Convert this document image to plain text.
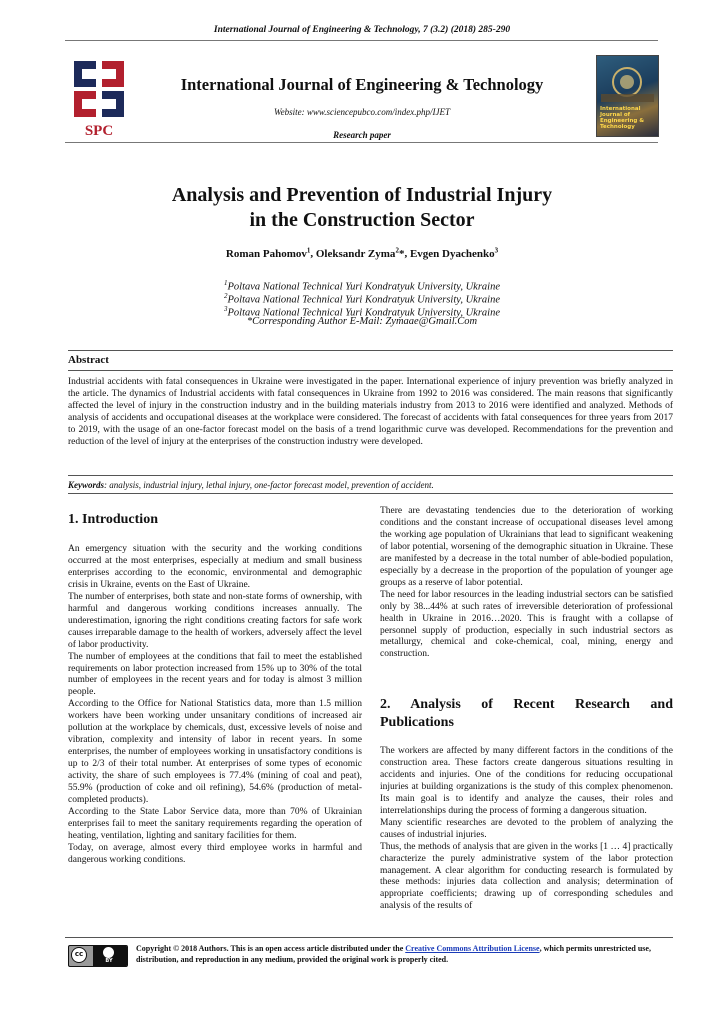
International Journal of Engineering & Technology, 7 (3.2) (2018) 285-290
SPC
International Journal of Engineering & Technology
Website: www.sciencepubco.com/index.php/IJET	International Journal of Engineering & Technology
Research paper
Analysis and Prevention of Industrial Injury
in the Construction Sector
Roman Pahomov$^1$, Oleksandr Zyma$^2$*, Evgen Dyachenko$^3$
$^1$Poltava National Technical Yuri Kondratyuk University, Ukraine
$^2$Poltava National Technical Yuri Kondratyuk University, Ukraine
$^3$Poltava National Technical Yuri Kondratyuk University, Ukraine
*Corresponding Author E-Mail: Zymaae@Gmail.Com
Abstract
Industrial accidents with fatal consequences in Ukraine were investigated in the paper. International experience of injury prevention was briefly analyzed in the article. The dynamics of Industrial accidents with fatal consequences in Ukraine from 1992 to 2016 was considered. The main reasons that significantly affected the level of injury in the construction industry and in the building materials industry from 2013 to 2016 were identified and analyzed. Methods of analysis of accidents and occupational diseases at the workplace were considered. The forecast of accidents with fatal consequences for three years from 2017 to 2019, with the usage of an one-factor forecast model on the basis of a trend logarithmic curve was developed. Recommendations for the prevention and reduction of the level of injury at the enterprises of the construction industry were developed.
Keywords: analysis, industrial injury, lethal injury, one-factor forecast model, prevention of accident.
1. Introduction

An emergency situation with the security and the working conditions occurred at the most enterprises, especially at medium and small business enterprises according to the economic, environmental and demographic crisis in Ukraine, events on the East of Ukraine.

The number of enterprises, both state and non-state forms of ownership, with harmful and dangerous working conditions increases annually. The underestimation, ignoring the right conditions creating factors for safe work causes irreparable damage to the health of workers, adversely affect the level of labor productivity.

The number of employees at the conditions that fail to meet the established requirements on labor protection increased from 15% up to 30% of the total number of employees in the recent years and for today is almost 3 million people.

According to the Office for National Statistics data, more than 1.5 million workers have been working under unsanitary conditions of increased air pollution at the workplace by chemicals, dust, excessive levels of noise and vibration, complexity and intensity of labor in recent years. In some enterprises, the number of employees working in unsatisfactory conditions is up to 2/3 of their total number. At enterprises of some types of economic activity, the share of such employees is 77.4% (mining of coal and peat), 55.9% (production of coke and oil refining), 54.6% (production of metal-completed products).

According to the State Labor Service data, more than 70% of Ukrainian enterprises fail to meet the sanitary requirements regarding the operation of heating, ventilation, lighting and sanitary facilities for them.

Today, on average, almost every third employee works in harmful and dangerous working conditions.

There are devastating tendencies due to the deterioration of working conditions and the constant increase of occupational diseases level among the working age population of Ukrainians that lead to significant weakening of labor potential, worsening of the demographic situation in Ukraine. These are manifested by a decrease in the total number of able-bodied population, especially by a decrease in the proportion of the population of younger age groups as a reserve of labor potential.

The need for labor resources in the leading industrial sectors can be satisfied only by 38...44% at such rates of irreversible deterioration of professional health in Ukraine in 2016…2020. This is fraught with a collapse of personnel supply of production, especially in such industrial sectors as metallurgy, chemical and coke-chemical, coal, mining, energy and construction.

2. Analysis of Recent Research and
Publications

The workers are affected by many different factors in the conditions of the construction area. These factors create dangerous situations resulting in accidents and injuries. One of the conditions for reducing occupational injuries at building organizations is the study of this complex phenomenon. Its main goal is to identify and analyze the causes, their roles and interrelationships during the process of forming a dangerous situation.

Many scientific researches are devoted to the problem of analyzing the causes of industrial injuries.

Thus, the methods of analysis that are given in the works [1 … 4] practically characterize the purely administrative system of the labor protection management. A clear algorithm for conducting research is formulated by these methods: injuries data collection and analysis; determination of appropriate coefficients; drawing up of corresponding schedules and analysis of the results of

cc
BY
Copyright © 2018 Authors. This is an open access article distributed under the Creative Commons Attribution License, which permits unrestricted use, distribution, and reproduction in any medium, provided the original work is properly cited.
